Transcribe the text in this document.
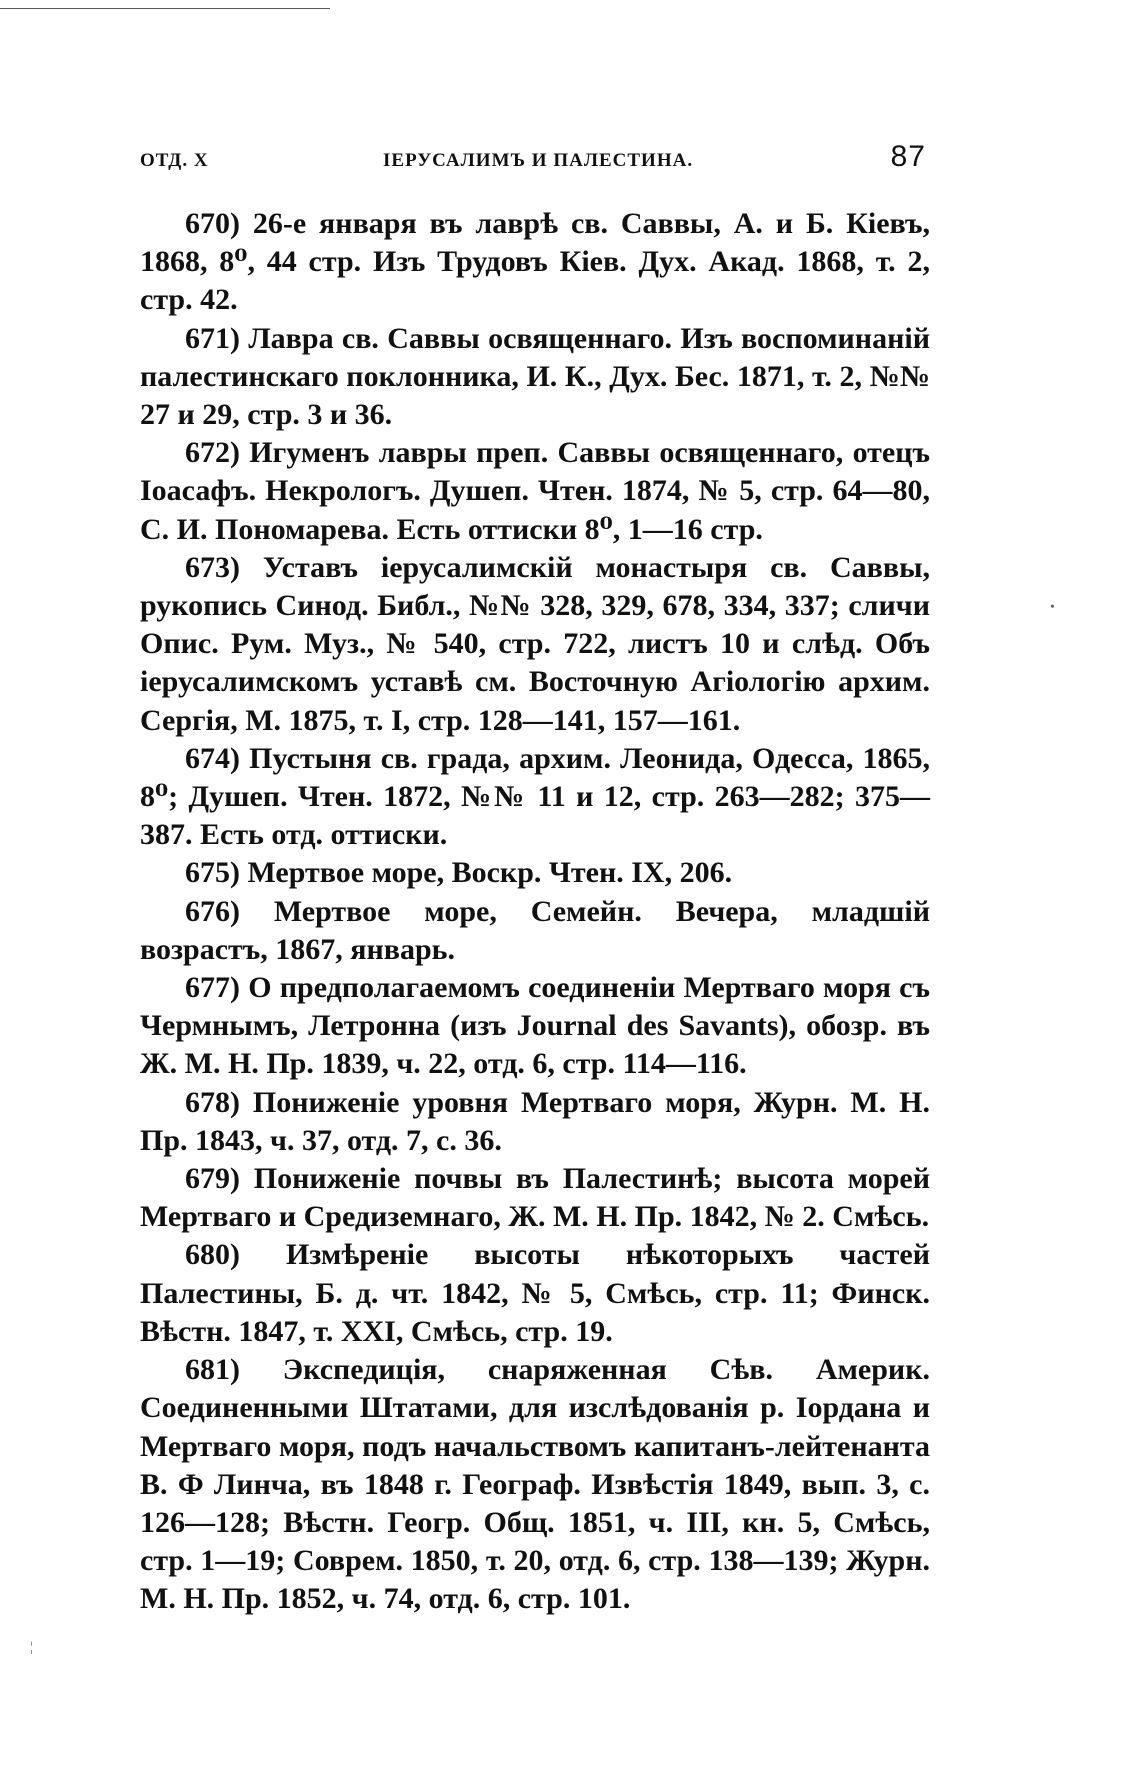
ОТД. X	ІЕРУСАЛИМЪ И ПАЛЕСТИНА.	87

670) 26-е января въ лаврѣ св. Саввы, А. и Б. Кіевъ, 1868, 8⁰, 44 стр. Изъ Трудовъ Кіев. Дух. Акад. 1868, т. 2, стр. 42.

671) Лавра св. Саввы освященнаго. Изъ воспоминаній палестинскаго поклонника, И. К., Дух. Бес. 1871, т. 2, №№ 27 и 29, стр. 3 и 36.

672) Игуменъ лавры преп. Саввы освященнаго, отецъ Іоасафъ. Некрологъ. Душеп. Чтен. 1874, № 5, стр. 64—80, С. И. Пономарева. Есть оттиски 8⁰, 1—16 стр.

673) Уставъ іерусалимскій монастыря св. Саввы, рукопись Синод. Библ., №№ 328, 329, 678, 334, 337; сличи Опис. Рум. Муз., № 540, стр. 722, листъ 10 и слѣд. Объ іерусалимскомъ уставѣ см. Восточную Агіологію архим. Сергія, М. 1875, т. I, стр. 128—141, 157—161.

674) Пустыня св. града, архим. Леонида, Одесса, 1865, 8⁰; Душеп. Чтен. 1872, №№ 11 и 12, стр. 263—282; 375—387. Есть отд. оттиски.

675) Мертвое море, Воскр. Чтен. IX, 206.

676) Мертвое море, Семейн. Вечера, младшій возрастъ, 1867, январь.

677) О предполагаемомъ соединеніи Мертваго моря съ Чермнымъ, Летронна (изъ Journal des Savants), обозр. въ Ж. М. Н. Пр. 1839, ч. 22, отд. 6, стр. 114—116.

678) Пониженіе уровня Мертваго моря, Журн. М. Н. Пр. 1843, ч. 37, отд. 7, с. 36.

679) Пониженіе почвы въ Палестинѣ; высота морей Мертваго и Средиземнаго, Ж. М. Н. Пр. 1842, № 2. Смѣсь.

680) Измѣреніе высоты нѣкоторыхъ частей Палестины, Б. д. чт. 1842, № 5, Смѣсь, стр. 11; Финск. Вѣстн. 1847, т. XXI, Смѣсь, стр. 19.

681) Экспедиція, снаряженная Сѣв. Америк. Соединенными Штатами, для изслѣдованія р. Іордана и Мертваго моря, подъ начальствомъ капитанъ-лейтенанта В. Ф Линча, въ 1848 г. Географ. Извѣстія 1849, вып. 3, с. 126—128; Вѣстн. Геогр. Общ. 1851, ч. III, кн. 5, Смѣсь, стр. 1—19; Соврем. 1850, т. 20, отд. 6, стр. 138—139; Журн. М. Н. Пр. 1852, ч. 74, отд. 6, стр. 101.

¦
•
